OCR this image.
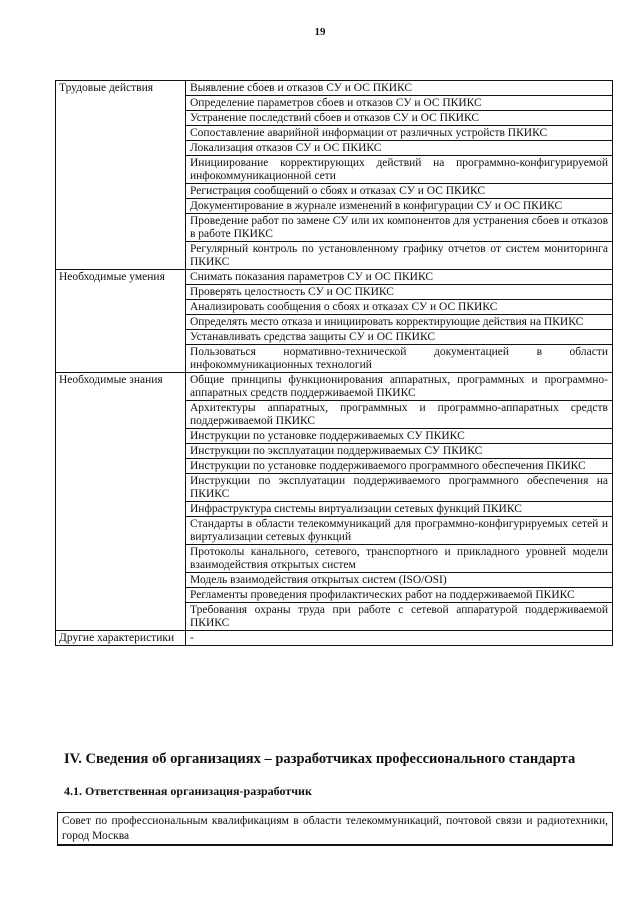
19
Трудовые действия	Выявление сбоев и отказов СУ и ОС ПКИКС
	Определение параметров сбоев и отказов СУ и ОС ПКИКС
	Устранение последствий сбоев и отказов СУ и ОС ПКИКС
	Сопоставление аварийной информации от различных устройств ПКИКС
	Локализация отказов СУ и ОС ПКИКС
	Инициирование корректирующих действий на программно-конфигурируемой инфокоммуникационной сети
	Регистрация сообщений о сбоях и отказах СУ и ОС ПКИКС
	Документирование в журнале изменений в конфигурации СУ и ОС ПКИКС
	Проведение работ по замене СУ или их компонентов для устранения сбоев и отказов в работе ПКИКС
	Регулярный контроль по установленному графику отчетов от систем мониторинга ПКИКС
Необходимые умения	Снимать показания параметров СУ и ОС ПКИКС
	Проверять целостность СУ и ОС ПКИКС
	Анализировать сообщения о сбоях и отказах СУ и ОС ПКИКС
	Определять место отказа и инициировать корректирующие действия на ПКИКС
	Устанавливать средства защиты СУ и ОС ПКИКС
	Пользоваться нормативно-технической документацией в области инфокоммуникационных технологий
Необходимые знания	Общие принципы функционирования аппаратных, программных и программно-аппаратных средств поддерживаемой ПКИКС
	Архитектуры аппаратных, программных и программно-аппаратных средств поддерживаемой ПКИКС
	Инструкции по установке поддерживаемых СУ ПКИКС
	Инструкции по эксплуатации поддерживаемых СУ ПКИКС
	Инструкции по установке поддерживаемого программного обеспечения ПКИКС
	Инструкции по эксплуатации поддерживаемого программного обеспечения на ПКИКС
	Инфраструктура системы виртуализации сетевых функций ПКИКС
	Стандарты в области телекоммуникаций для программно-конфигурируемых сетей и виртуализации сетевых функций
	Протоколы канального, сетевого, транспортного и прикладного уровней модели взаимодействия открытых систем
	Модель взаимодействия открытых систем (ISO/OSI)
	Регламенты проведения профилактических работ на поддерживаемой ПКИКС
	Требования охраны труда при работе с сетевой аппаратурой поддерживаемой ПКИКС
Другие характеристики	-
IV. Сведения об организациях – разработчиках профессионального стандарта
4.1. Ответственная организация-разработчик
Совет по профессиональным квалификациям в области телекоммуникаций, почтовой связи и радиотехники, город Москва
